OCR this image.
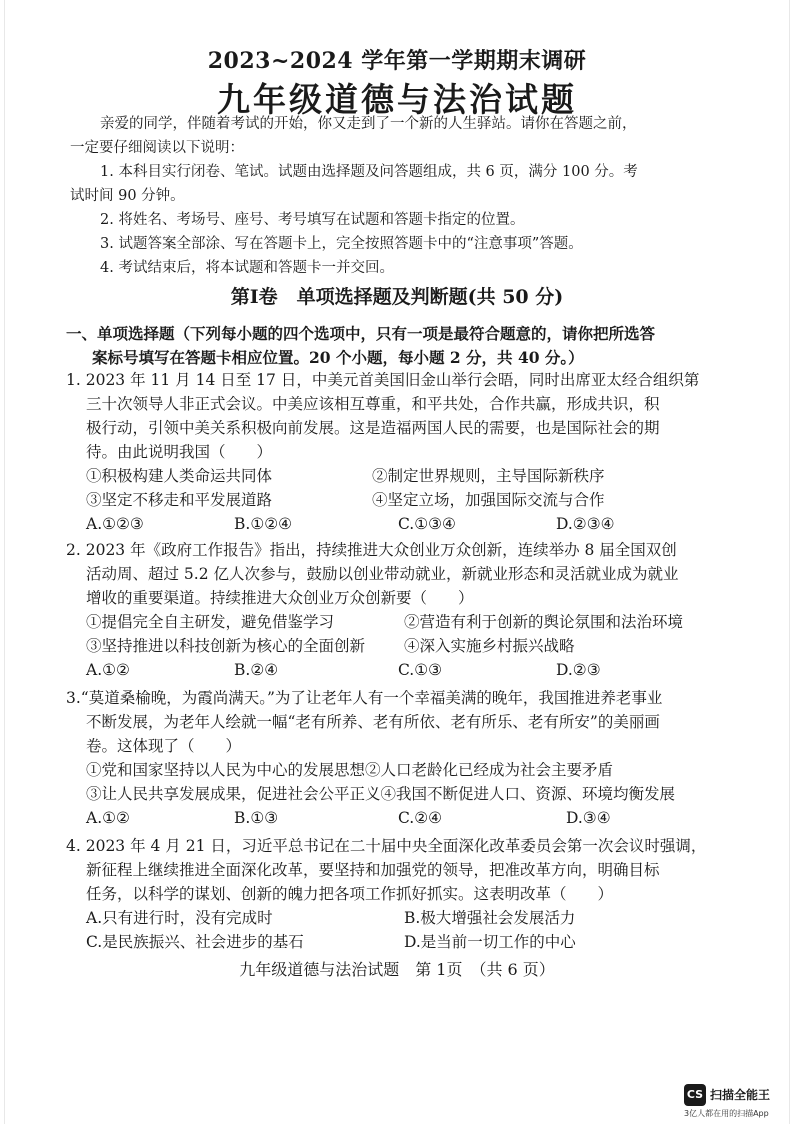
2023~2024 学年第一学期期末调研
九年级道德与法治试题
亲爱的同学，伴随着考试的开始，你又走到了一个新的人生驿站。请你在答题之前，
一定要仔细阅读以下说明：
1. 本科目实行闭卷、笔试。试题由选择题及问答题组成，共 6 页，满分 100 分。考
试时间 90 分钟。
2. 将姓名、考场号、座号、考号填写在试题和答题卡指定的位置。
3. 试题答案全部涂、写在答题卡上，完全按照答题卡中的“注意事项”答题。
4. 考试结束后，将本试题和答题卡一并交回。
第Ⅰ卷　单项选择题及判断题(共 50 分)
一、单项选择题（下列每小题的四个选项中，只有一项是最符合题意的，请你把所选答
案标号填写在答题卡相应位置。20 个小题，每小题 2 分，共 40 分。）
1. 2023 年 11 月 14 日至 17 日，中美元首美国旧金山举行会晤，同时出席亚太经合组织第
三十次领导人非正式会议。中美应该相互尊重，和平共处，合作共赢，形成共识，积
极行动，引领中美关系积极向前发展。这是造福两国人民的需要，也是国际社会的期
待。由此说明我国（　　）
①积极构建人类命运共同体	②制定世界规则，主导国际新秩序
③坚定不移走和平发展道路	④坚定立场，加强国际交流与合作
A.①②③	B.①②④	C.①③④	D.②③④
2. 2023 年《政府工作报告》指出，持续推进大众创业万众创新，连续举办 8 届全国双创
活动周、超过 5.2 亿人次参与，鼓励以创业带动就业，新就业形态和灵活就业成为就业
增收的重要渠道。持续推进大众创业万众创新要（　　）
①提倡完全自主研发，避免借鉴学习	②营造有利于创新的舆论氛围和法治环境
③坚持推进以科技创新为核心的全面创新	④深入实施乡村振兴战略
A.①②	B.②④	C.①③	D.②③
3.“莫道桑榆晚，为霞尚满天。”为了让老年人有一个幸福美满的晚年，我国推进养老事业
不断发展，为老年人绘就一幅“老有所养、老有所依、老有所乐、老有所安”的美丽画
卷。这体现了（　　）
①党和国家坚持以人民为中心的发展思想②人口老龄化已经成为社会主要矛盾
③让人民共享发展成果，促进社会公平正义④我国不断促进人口、资源、环境均衡发展
A.①②	B.①③	C.②④	D.③④
4. 2023 年 4 月 21 日，习近平总书记在二十届中央全面深化改革委员会第一次会议时强调，
新征程上继续推进全面深化改革，要坚持和加强党的领导，把准改革方向，明确目标
任务，以科学的谋划、创新的魄力把各项工作抓好抓实。这表明改革（　　）
A.只有进行时，没有完成时	B.极大增强社会发展活力
C.是民族振兴、社会进步的基石	D.是当前一切工作的中心
九年级道德与法治试题　第 1页　（共 6 页）
CS 扫描全能王
3亿人都在用的扫描App
